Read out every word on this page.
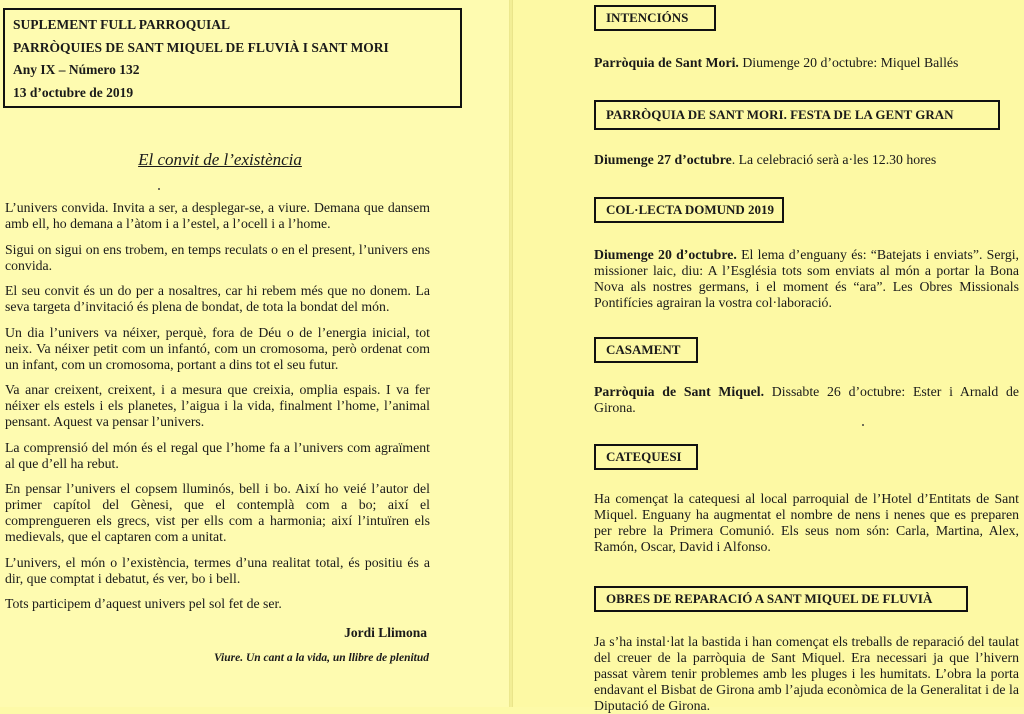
SUPLEMENT FULL PARROQUIAL
PARRÒQUIES DE SANT MIQUEL DE FLUVIÀ I SANT MORI
Any IX – Número 132
13 d’octubre de 2019
El convit de l’existència

L’univers convida. Invita a ser, a desplegar-se, a viure. Demana que dansem amb ell, ho demana a l’àtom i a l’estel, a l’ocell i a l’home.

Sigui on sigui on ens trobem, en temps reculats o en el present, l’univers ens convida.

El seu convit és un do per a nosaltres, car hi rebem més que no donem. La seva targeta d’invitació és plena de bondat, de tota la bondat del món.

Un dia l’univers va néixer, perquè, fora de Déu o de l’energia inicial, tot neix. Va néixer petit com un infantó, com un cromosoma, però ordenat com un infant, com un cromosoma, portant a dins tot el seu futur.

Va anar creixent, creixent, i a mesura que creixia, omplia espais. I va fer néixer els estels i els planetes, l’aigua i la vida, finalment l’home, l’animal pensant. Aquest va pensar l’univers.

La comprensió del món és el regal que l’home fa a l’univers com agraïment al que d’ell ha rebut.

En pensar l’univers el copsem lluminós, bell i bo. Així ho veié l’autor del primer capítol del Gènesi, que el contemplà com a bo; així el comprengueren els grecs, vist per ells com a harmonia; així l’intuïren els medievals, que el captaren com a unitat.

L’univers, el món o l’existència, termes d’una realitat total, és positiu és a dir, que comptat i debatut, és ver, bo i bell.

Tots participem d’aquest univers pel sol fet de ser.

Jordi Llimona
Viure. Un cant a la vida, un llibre de plenitud
INTENCIÓNS

Parròquia de Sant Mori. Diumenge 20 d’octubre: Miquel Ballés

PARRÒQUIA DE SANT MORI. FESTA DE LA GENT GRAN

Diumenge 27 d’octubre. La celebració serà a·les 12.30 hores

COL·LECTA DOMUND 2019

Diumenge 20 d’octubre. El lema d’enguany és: “Batejats i enviats”. Sergi, missioner laic, diu: A l’Església tots som enviats al món a portar la Bona Nova als nostres germans, i el moment és “ara”. Les Obres Missionals Pontifícies agrairan la vostra col·laboració.

CASAMENT

Parròquia de Sant Miquel. Dissabte 26 d’octubre: Ester i Arnald de Girona.

CATEQUESI

Ha començat la catequesi al local parroquial de l’Hotel d’Entitats de Sant Miquel. Enguany ha augmentat el nombre de nens i nenes que es preparen per rebre la Primera Comunió. Els seus nom són: Carla, Martina, Alex, Ramón, Oscar, David i Alfonso.

OBRES DE REPARACIÓ A SANT MIQUEL DE FLUVIÀ

Ja s’ha instal·lat la bastida i han començat els treballs de reparació del taulat del creuer de la parròquia de Sant Miquel. Era necessari ja que l’hivern passat vàrem tenir problemes amb les pluges i les humitats. L’obra la porta endavant el Bisbat de Girona amb l’ajuda econòmica de la Generalitat i de la Diputació de Girona.
